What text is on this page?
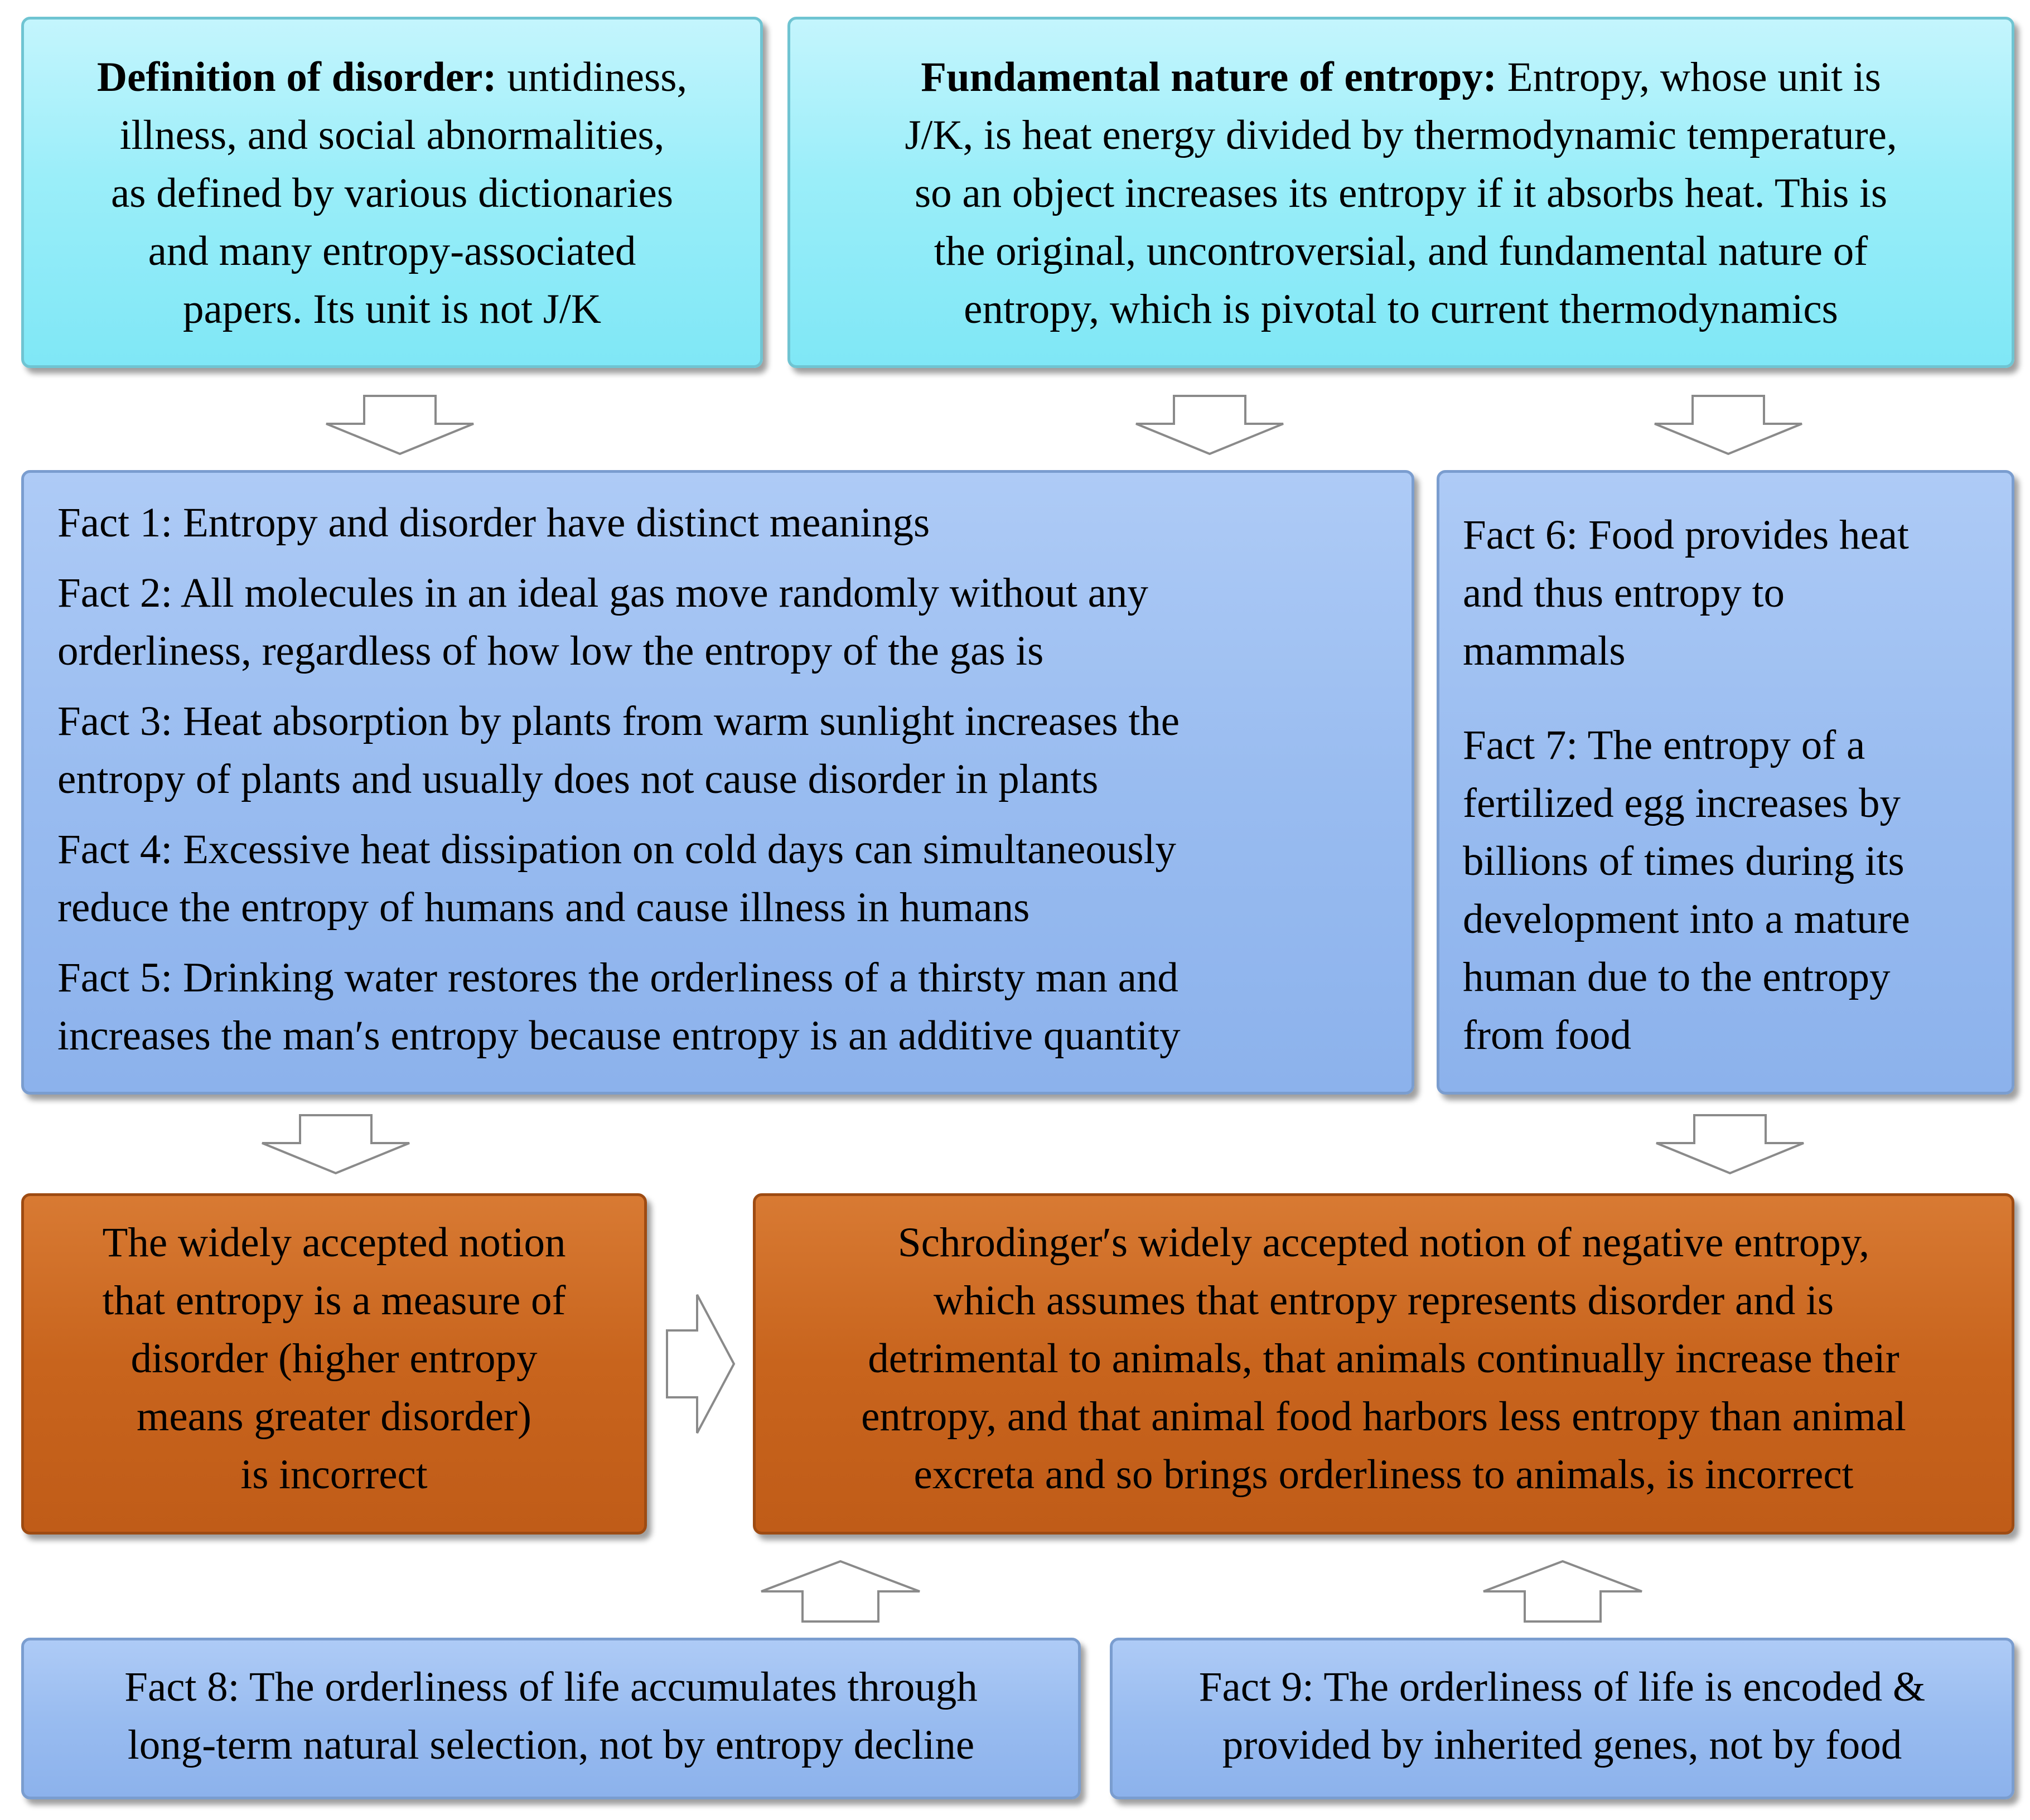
Definition of disorder: untidiness,
illness, and social abnormalities,
as defined by various dictionaries
and many entropy-associated
papers. Its unit is not J/K
Fundamental nature of entropy: Entropy, whose unit is
J/K, is heat energy divided by thermodynamic temperature,
so an object increases its entropy if it absorbs heat. This is
the original, uncontroversial, and fundamental nature of
entropy, which is pivotal to current thermodynamics
Fact 1: Entropy and disorder have distinct meanings
Fact 2: All molecules in an ideal gas move randomly without any
orderliness, regardless of how low the entropy of the gas is
Fact 3: Heat absorption by plants from warm sunlight increases the
entropy of plants and usually does not cause disorder in plants
Fact 4: Excessive heat dissipation on cold days can simultaneously
reduce the entropy of humans and cause illness in humans
Fact 5: Drinking water restores the orderliness of a thirsty man and
increases the man′s entropy because entropy is an additive quantity
Fact 6: Food provides heat
and thus entropy to
mammals
Fact 7: The entropy of a
fertilized egg increases by
billions of times during its
development into a mature
human due to the entropy
from food
The widely accepted notion
that entropy is a measure of
disorder (higher entropy
means greater disorder)
is incorrect
Schrodinger′s widely accepted notion of negative entropy,
which assumes that entropy represents disorder and is
detrimental to animals, that animals continually increase their
entropy, and that animal food harbors less entropy than animal
excreta and so brings orderliness to animals, is incorrect
Fact 8: The orderliness of life accumulates through
long-term natural selection, not by entropy decline
Fact 9: The orderliness of life is encoded &
provided by inherited genes, not by food
